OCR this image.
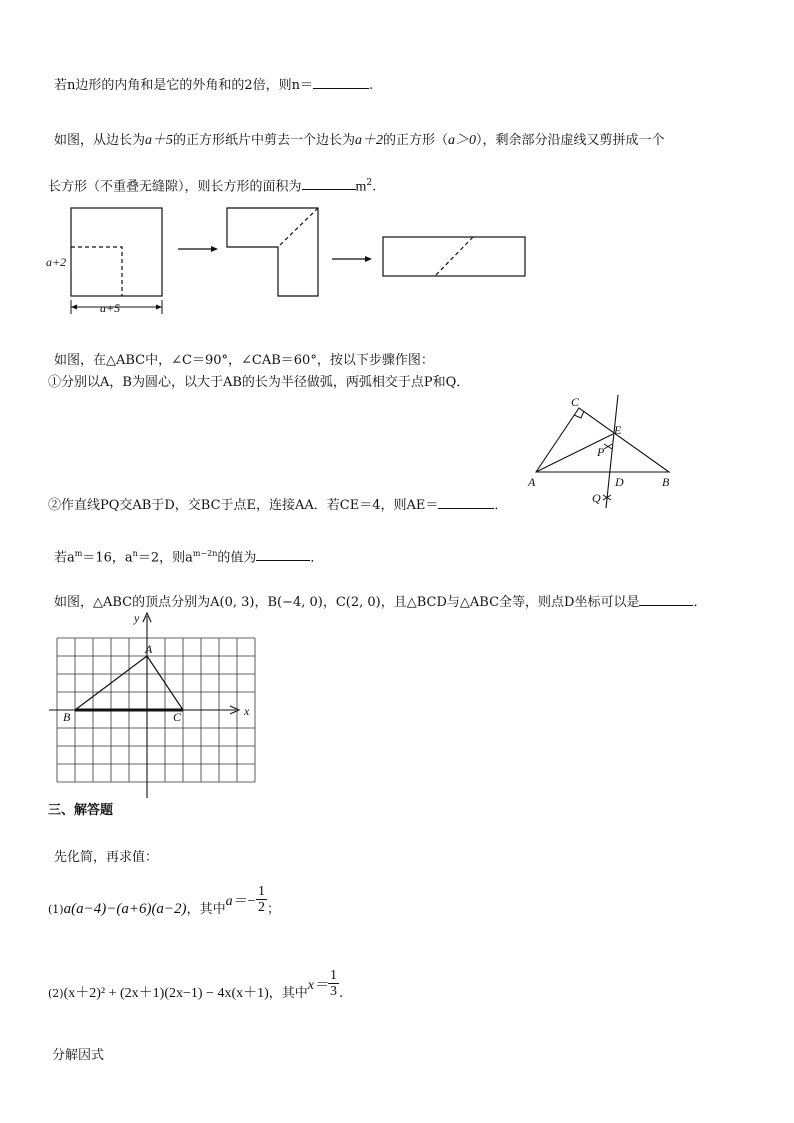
若n边形的内角和是它的外角和的2倍，则n＝	.
如图，从边长为a＋5的正方形纸片中剪去一个边长为a＋2的正方形（a＞0），剩余部分沿虚线又剪拼成一个
长方形（不重叠无缝隙），则长方形的面积为	$m^2$.
a+2
a+5
如图，在△ABC中，∠C＝90°，∠CAB＝60°，按以下步骤作图：
①分别以A，B为圆心，以大于AB的长为半径做弧，两弧相交于点P和Q．
②作直线PQ交AB于D，交BC于点E，连接AA．若CE＝4，则AE＝	．
C
E
P
A	D	B
Q
若$a^m=16$，$a^n=2$，则$a^{m-2n}$的值为	．
如图，△ABC的顶点分别为A(0, 3)，B(−4, 0)，C(2, 0)，且△BCD与△ABC全等，则点D坐标可以是	．
y
x
A
B	C
三、解答题
先化简，再求值：
(1)a(a−4)−(a+6)(a−2)，其中$a=- \frac{1}{2}$ ；
(2)(x＋2)² + (2x＋1)(2x−1) − 4x(x＋1)，其中$x= \frac{1}{3}$ .
分解因式
